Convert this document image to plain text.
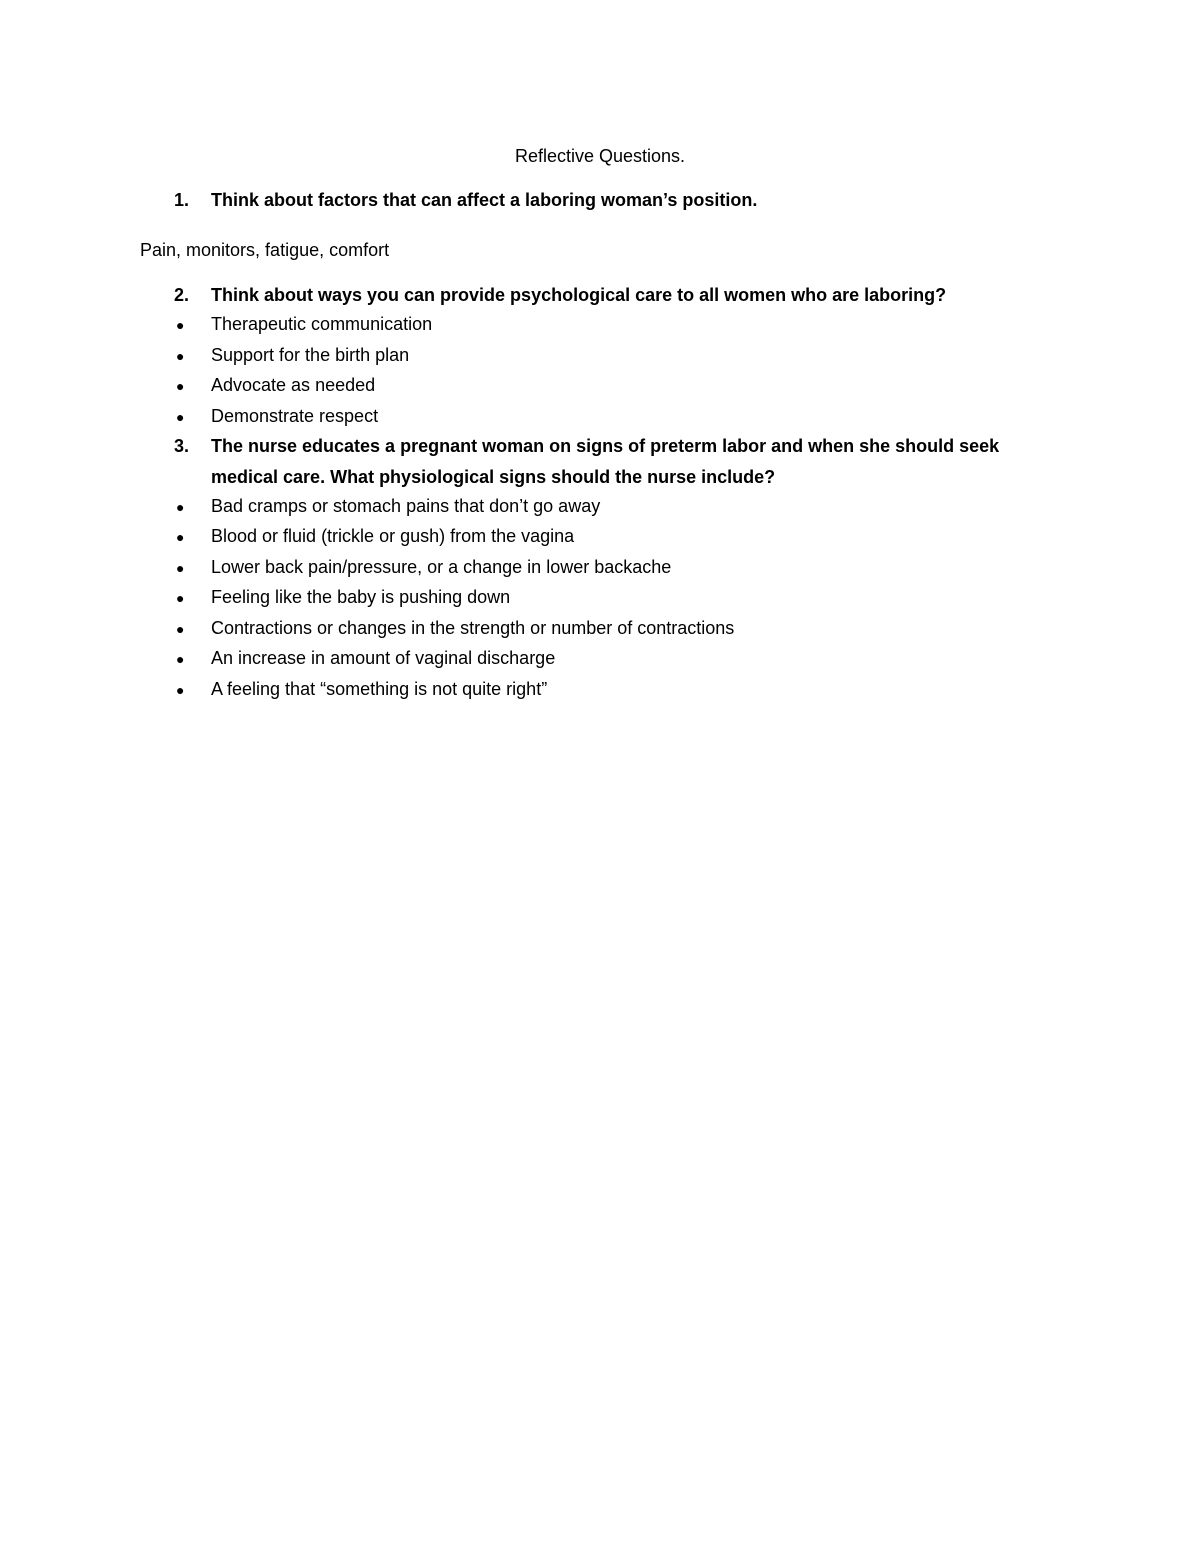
Reflective Questions.
1. Think about factors that can affect a laboring woman’s position.
Pain, monitors, fatigue, comfort
2. Think about ways you can provide psychological care to all women who are laboring?
● Therapeutic communication
● Support for the birth plan
● Advocate as needed
● Demonstrate respect
3. The nurse educates a pregnant woman on signs of preterm labor and when she should seek
medical care. What physiological signs should the nurse include?
● Bad cramps or stomach pains that don’t go away
● Blood or fluid (trickle or gush) from the vagina
● Lower back pain/pressure, or a change in lower backache
● Feeling like the baby is pushing down
● Contractions or changes in the strength or number of contractions
● An increase in amount of vaginal discharge
● A feeling that “something is not quite right”
